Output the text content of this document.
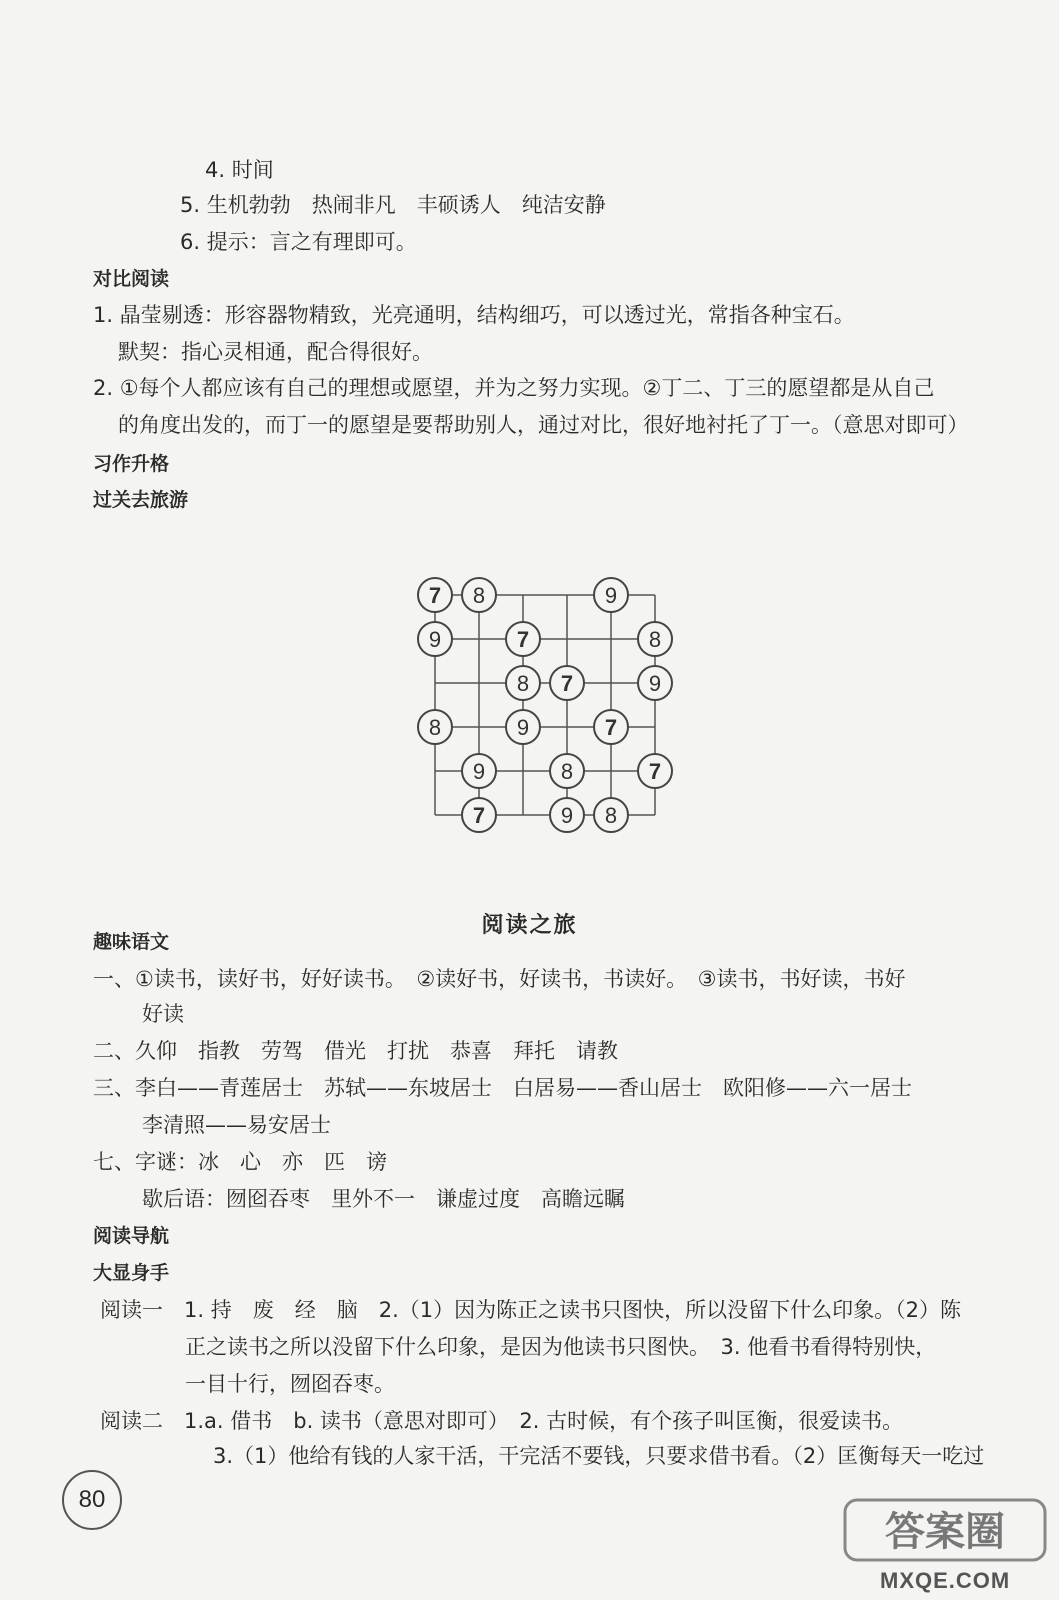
4. 时间
5. 生机勃勃　热闹非凡　丰硕诱人　纯洁安静
6. 提示：言之有理即可。
对比阅读
1. 晶莹剔透：形容器物精致，光亮通明，结构细巧，可以透过光，常指各种宝石。
默契：指心灵相通，配合得很好。
2. ①每个人都应该有自己的理想或愿望，并为之努力实现。②丁二、丁三的愿望都是从自己
的角度出发的，而丁一的愿望是要帮助别人，通过对比，很好地衬托了丁一。（意思对即可）
习作升格
过关去旅游
7 8	9
9	7	8
8 7	9
8	9	7
9	8	7
7	9 8
阅读之旅
趣味语文
一、①读书，读好书，好好读书。　②读好书，好读书，书读好。　③读书，书好读，书好
好读
二、久仰　指教　劳驾　借光　打扰　恭喜　拜托　请教
三、李白——青莲居士　苏轼——东坡居士　白居易——香山居士　欧阳修——六一居士
李清照——易安居士
七、字谜：冰　心　亦　匹　谤
歇后语：囫囵吞枣　里外不一　谦虚过度　高瞻远瞩
阅读导航
大显身手
阅读一　1. 持　废　经　脑　2.（1）因为陈正之读书只图快，所以没留下什么印象。（2）陈
正之读书之所以没留下什么印象，是因为他读书只图快。　3. 他看书看得特别快，
一目十行，囫囵吞枣。
阅读二　1.a. 借书　b. 读书（意思对即可）　2. 古时候，有个孩子叫匡衡，很爱读书。
3.（1）他给有钱的人家干活，干完活不要钱，只要求借书看。（2）匡衡每天一吃过
80
答案圈
MXQE.COM
